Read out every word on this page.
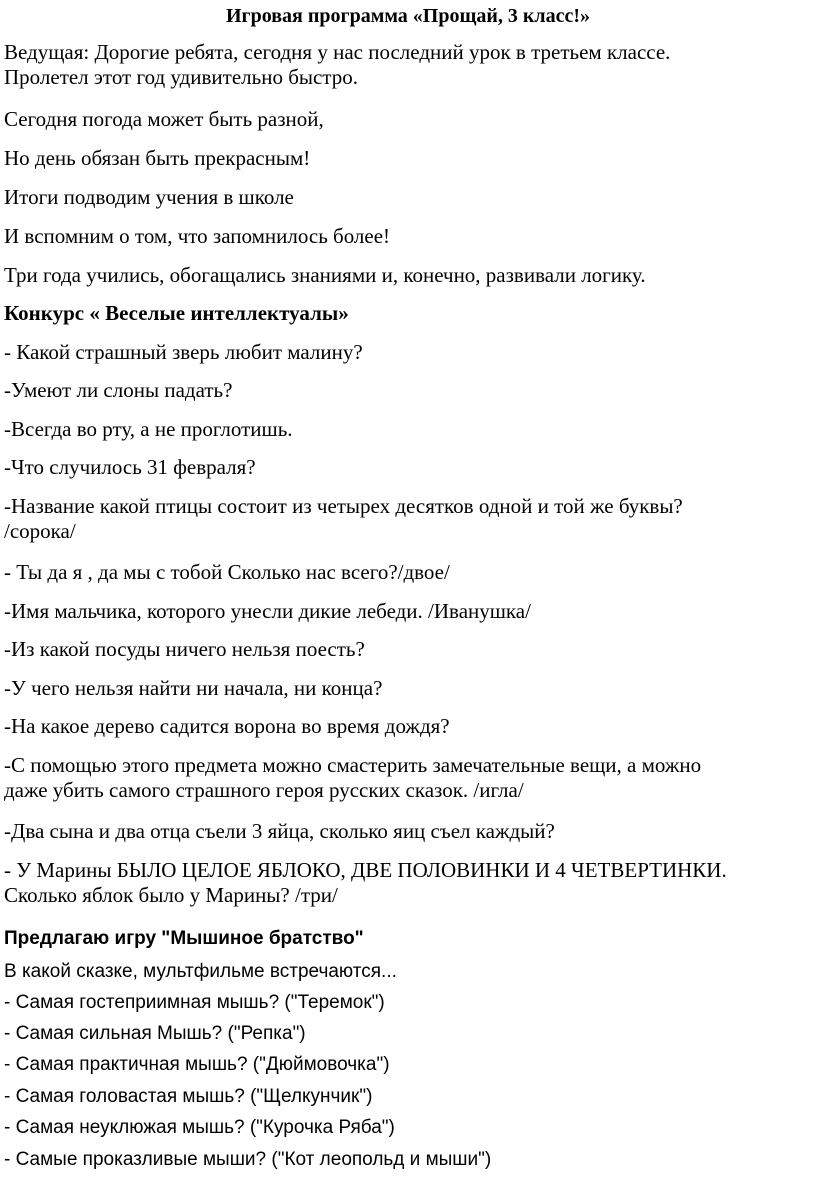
Игровая программа «Прощай, 3 класс!»
Ведущая: Дорогие ребята, сегодня у нас последний урок в третьем классе.
Пролетел этот год удивительно быстро.
Сегодня погода может быть разной,
Но день обязан быть прекрасным!
Итоги подводим учения в школе
И вспомним о том, что запомнилось более!
Три года учились, обогащались знаниями и, конечно, развивали логику.
Конкурс « Веселые интеллектуалы»
- Какой страшный зверь любит малину?
-Умеют ли слоны падать?
-Всегда во рту, а не проглотишь.
-Что случилось 31 февраля?
-Название какой птицы состоит из четырех десятков одной и той же буквы?
/сорока/
- Ты да я , да мы с тобой Сколько нас всего?/двое/
-Имя мальчика, которого унесли дикие лебеди. /Иванушка/
-Из какой посуды ничего нельзя поесть?
-У чего нельзя найти ни начала, ни конца?
-На какое дерево садится ворона во время дождя?
-С помощью этого предмета можно смастерить замечательные вещи, а можно
даже убить самого страшного героя русских сказок. /игла/
-Два сына и два отца съели 3 яйца, сколько яиц съел каждый?
- У Марины БЫЛО ЦЕЛОЕ ЯБЛОКО, ДВЕ ПОЛОВИНКИ И 4 ЧЕТВЕРТИНКИ.
Сколько яблок было у Марины? /три/
Предлагаю игру "Мышиное братство"
В какой сказке, мультфильме встречаются...
- Самая гостеприимная мышь? ("Теремок")
- Самая сильная Мышь? ("Репка")
- Самая практичная мышь? ("Дюймовочка")
- Самая головастая мышь? ("Щелкунчик")
- Самая неуклюжая мышь? ("Курочка Ряба")
- Самые проказливые мыши? ("Кот леопольд и мыши")
